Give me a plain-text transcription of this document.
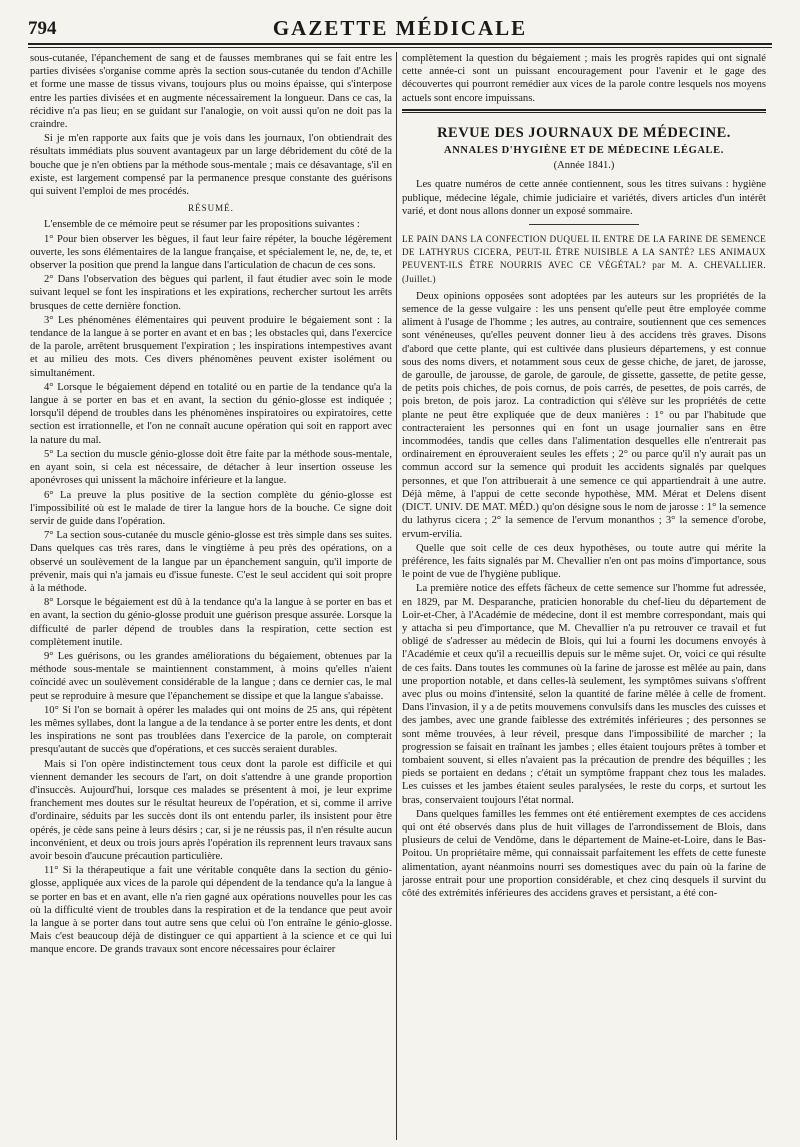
794	GAZETTE MÉDICALE

sous-cutanée, l'épanchement de sang et de fausses membranes qui se fait entre les parties divisées s'organise comme après la section sous-cutanée du tendon d'Achille et forme une masse de tissus vivans, toujours plus ou moins épaisse, qui s'interpose entre les parties divisées et en augmente nécessairement la longueur. Dans ce cas, la récidive n'a pas lieu; en se guidant sur l'analogie, on voit aussi qu'on ne doit pas la craindre.

Si je m'en rapporte aux faits que je vois dans les journaux, l'on obtiendrait des résultats immédiats plus souvent avantageux par un large débridement du côté de la bouche que je n'en obtiens par la méthode sous-mentale ; mais ce désavantage, s'il en existe, est largement compensé par la permanence presque constante des guérisons qui suivent l'emploi de mes procédés.

RÉSUMÉ.

L'ensemble de ce mémoire peut se résumer par les propositions suivantes :

1° Pour bien observer les bègues, il faut leur faire répéter, la bouche légèrement ouverte, les sons élémentaires de la langue française, et spécialement le, ne, de, te, et observer la position que prend la langue dans l'articulation de chacun de ces sons.

2° Dans l'observation des bègues qui parlent, il faut étudier avec soin le mode suivant lequel se font les inspirations et les expirations, rechercher surtout les arrêts brusques de cette dernière fonction.

3° Les phénomènes élémentaires qui peuvent produire le bégaiement sont : la tendance de la langue à se porter en avant et en bas ; les obstacles qui, dans l'exercice de la parole, arrêtent brusquement l'expiration ; les inspirations intempestives avant et au milieu des mots. Ces divers phénomènes peuvent exister isolément ou simultanément.

4° Lorsque le bégaiement dépend en totalité ou en partie de la tendance qu'a la langue à se porter en bas et en avant, la section du génio-glosse est indiquée ; lorsqu'il dépend de troubles dans les phénomènes inspiratoires ou expiratoires, cette section est irrationnelle, et l'on ne connaît aucune opération qui soit en rapport avec la nature du mal.

5° La section du muscle génio-glosse doit être faite par la méthode sous-mentale, en ayant soin, si cela est nécessaire, de détacher à leur insertion osseuse les aponévroses qui unissent la mâchoire inférieure et la langue.

6° La preuve la plus positive de la section complète du génio-glosse est l'impossibilité où est le malade de tirer la langue hors de la bouche. Ce signe doit servir de guide dans l'opération.

7° La section sous-cutanée du muscle génio-glosse est très simple dans ses suites. Dans quelques cas très rares, dans le vingtième à peu près des opérations, on a observé un soulèvement de la langue par un épanchement sanguin, qu'il importe de prévenir, mais qui n'a jamais eu d'issue funeste. C'est le seul accident qui soit propre à la méthode.

8° Lorsque le bégaiement est dû à la tendance qu'a la langue à se porter en bas et en avant, la section du génio-glosse produit une guérison presque assurée. Lorsque la difficulté de parler dépend de troubles dans la respiration, cette section est complètement inutile.

9° Les guérisons, ou les grandes améliorations du bégaiement, obtenues par la méthode sous-mentale se maintiennent constamment, à moins qu'elles n'aient coïncidé avec un soulèvement considérable de la langue ; dans ce dernier cas, le mal peut se reproduire à mesure que l'épanchement se dissipe et que la langue s'abaisse.

10° Si l'on se bornait à opérer les malades qui ont moins de 25 ans, qui répètent les mêmes syllabes, dont la langue a de la tendance à se porter entre les dents, et dont les inspirations ne sont pas troublées dans l'exercice de la parole, on compterait presqu'autant de succès que d'opérations, et ces succès seraient durables.

Mais si l'on opère indistinctement tous ceux dont la parole est difficile et qui viennent demander les secours de l'art, on doit s'attendre à une grande proportion d'insuccès. Aujourd'hui, lorsque ces malades se présentent à moi, je leur exprime franchement mes doutes sur le résultat heureux de l'opération, et si, comme il arrive d'ordinaire, séduits par les succès dont ils ont entendu parler, ils insistent pour être opérés, je cède sans peine à leurs désirs ; car, si je ne réussis pas, il n'en résulte aucun inconvénient, et deux ou trois jours après l'opération ils reprennent leurs travaux sans avoir besoin d'aucune précaution particulière.

11° Si la thérapeutique a fait une véritable conquête dans la section du génio-glosse, appliquée aux vices de la parole qui dépendent de la tendance qu'a la langue à se porter en bas et en avant, elle n'a rien gagné aux opérations nouvelles pour les cas où la difficulté vient de troubles dans la respiration et de la tendance que peut avoir la langue à se porter dans tout autre sens que celui où l'on entraîne le génio-glosse. Mais c'est beaucoup déjà de distinguer ce qui appartient à la science et ce qui lui manque encore. De grands travaux sont encore nécessaires pour éclairer

complètement la question du bégaiement ; mais les progrès rapides qui ont signalé cette année-ci sont un puissant encouragement pour l'avenir et le gage des découvertes qui pourront remédier aux vices de la parole contre lesquels nos moyens actuels sont encore impuissans.

REVUE DES JOURNAUX DE MÉDECINE.
ANNALES D'HYGIÈNE ET DE MÉDECINE LÉGALE.
(Année 1841.)

Les quatre numéros de cette année contiennent, sous les titres suivans : hygiène publique, médecine légale, chimie judiciaire et variétés, divers articles d'un intérêt varié, et dont nous allons donner un exposé sommaire.

LE PAIN DANS LA CONFECTION DUQUEL IL ENTRE DE LA FARINE DE SEMENCE DE LATHYRUS CICERA, PEUT-IL ÊTRE NUISIBLE A LA SANTÉ? LES ANIMAUX PEUVENT-ILS ÊTRE NOURRIS AVEC CE VÉGÉTAL? par M. A. CHEVALLIER. (Juillet.)

Deux opinions opposées sont adoptées par les auteurs sur les propriétés de la semence de la gesse vulgaire : les uns pensent qu'elle peut être employée comme aliment à l'usage de l'homme ; les autres, au contraire, soutiennent que ces semences sont vénéneuses, qu'elles peuvent donner lieu à des accidens très graves. Disons d'abord que cette plante, qui est cultivée dans plusieurs départemens, y est connue sous des noms divers, et notamment sous ceux de gesse chiche, de jaret, de jarosse, de garoulle, de jarousse, de garole, de garoule, de gissette, gassette, de petite gesse, de petits pois chiches, de pois cornus, de pois carrés, de pesettes, de pois carrés, de pois breton, de pois jaroz. La contradiction qui s'élève sur les propriétés de cette plante ne peut être expliquée que de deux manières : 1° ou par l'habitude que contracteraient les personnes qui en font un usage journalier sans en être incommodées, tandis que celles dans l'alimentation desquelles elle n'entrerait pas ordinairement en éprouveraient seules les effets ; 2° ou parce qu'il n'y aurait pas un commun accord sur la semence qui produit les accidents signalés par quelques personnes, et que l'on attribuerait à une semence ce qui appartiendrait à une autre. Déjà même, à l'appui de cette seconde hypothèse, MM. Mérat et Delens disent (DICT. UNIV. DE MAT. MÉD.) qu'on désigne sous le nom de jarosse : 1° la semence du lathyrus cicera ; 2° la semence de l'ervum monanthos ; 3° la semence d'orobe, ervum-ervilia.

Quelle que soit celle de ces deux hypothèses, ou toute autre qui mérite la préférence, les faits signalés par M. Chevallier n'en ont pas moins d'importance, sous le point de vue de l'hygiène publique.

La première notice des effets fâcheux de cette semence sur l'homme fut adressée, en 1829, par M. Desparanche, praticien honorable du chef-lieu du département de Loir-et-Cher, à l'Académie de médecine, dont il est membre correspondant, mais qui y attacha si peu d'importance, que M. Chevallier n'a pu retrouver ce travail et fut obligé de s'adresser au médecin de Blois, qui lui a fourni les documens envoyés à l'Académie et ceux qu'il a recueillis depuis sur le même sujet. Or, voici ce qui résulte de ces faits. Dans toutes les communes où la farine de jarosse est mêlée au pain, dans une proportion notable, et dans celles-là seulement, les symptômes suivans s'offrent avec plus ou moins d'intensité, selon la quantité de farine mêlée à celle de froment. Dans l'invasion, il y a de petits mouvemens convulsifs dans les muscles des cuisses et des jambes, avec une grande faiblesse des extrémités inférieures ; des personnes se sont même trouvées, à leur réveil, presque dans l'impossibilité de marcher ; la progression se faisait en traînant les jambes ; elles étaient toujours prêtes à tomber et tombaient souvent, si elles n'avaient pas la précaution de prendre des béquilles ; les pieds se portaient en dedans ; c'était un symptôme frappant chez tous les malades. Les cuisses et les jambes étaient seules paralysées, le reste du corps, et surtout les bras, conservaient toujours l'état normal.

Dans quelques familles les femmes ont été entièrement exemptes de ces accidens qui ont été observés dans plus de huit villages de l'arrondissement de Blois, dans plusieurs de celui de Vendôme, dans le département de Maine-et-Loire, dans le Bas-Poitou. Un propriétaire même, qui connaissait parfaitement les effets de cette funeste alimentation, ayant néanmoins nourri ses domestiques avec du pain où la farine de jarosse entrait pour une proportion considérable, et chez cinq desquels il survint du côté des extrémités inférieures des accidens graves et persistant, a été con-
